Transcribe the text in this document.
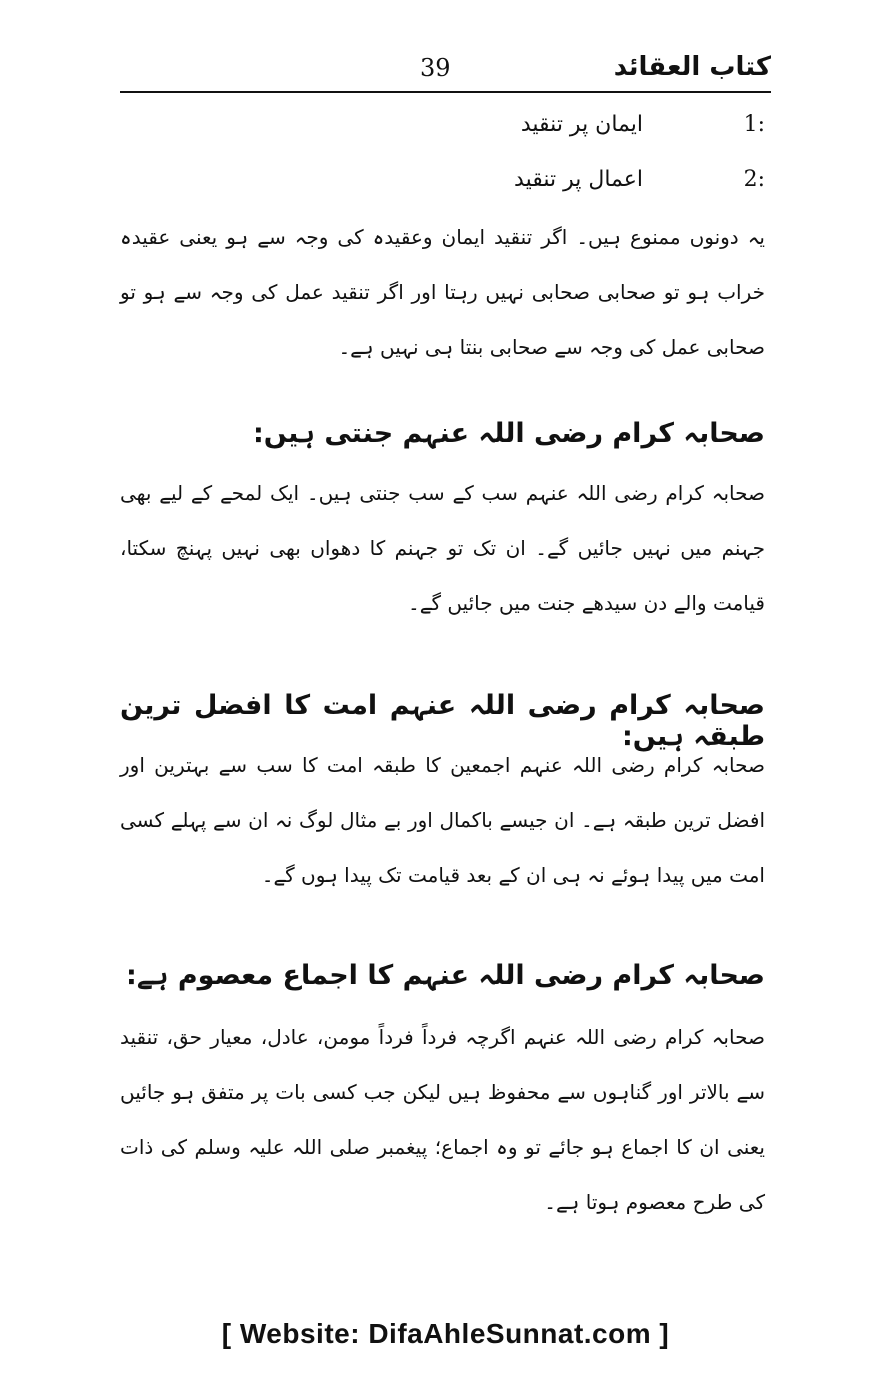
کتاب العقائد
39
1:
ایمان پر تنقید
2:
اعمال پر تنقید

یہ دونوں ممنوع ہیں۔ اگر تنقید ایمان وعقیدہ کی وجہ سے ہو یعنی عقیدہ خراب ہو تو صحابی صحابی نہیں رہتا اور اگر تنقید عمل کی وجہ سے ہو تو صحابی عمل کی وجہ سے صحابی بنتا ہی نہیں ہے۔

صحابہ کرام رضی اللہ عنہم جنتی ہیں:

صحابہ کرام رضی اللہ عنہم سب کے سب جنتی ہیں۔ ایک لمحے کے لیے بھی جہنم میں نہیں جائیں گے۔ ان تک تو جہنم کا دھواں بھی نہیں پہنچ سکتا، قیامت والے دن سیدھے جنت میں جائیں گے۔

صحابہ کرام رضی اللہ عنہم امت کا افضل ترین طبقہ ہیں:

صحابہ کرام رضی اللہ عنہم اجمعین کا طبقہ امت کا سب سے بہترین اور افضل ترین طبقہ ہے۔ ان جیسے باکمال اور بے مثال لوگ نہ ان سے پہلے کسی امت میں پیدا ہوئے نہ ہی ان کے بعد قیامت تک پیدا ہوں گے۔

صحابہ کرام رضی اللہ عنہم کا اجماع معصوم ہے:

صحابہ کرام رضی اللہ عنہم اگرچہ فرداً فرداً مومن، عادل، معیار حق، تنقید سے بالاتر اور گناہوں سے محفوظ ہیں لیکن جب کسی بات پر متفق ہو جائیں یعنی ان کا اجماع ہو جائے تو وہ اجماع؛ پیغمبر صلی اللہ علیہ وسلم کی ذات کی طرح معصوم ہوتا ہے۔

[ Website: DifaAhleSunnat.com ]
